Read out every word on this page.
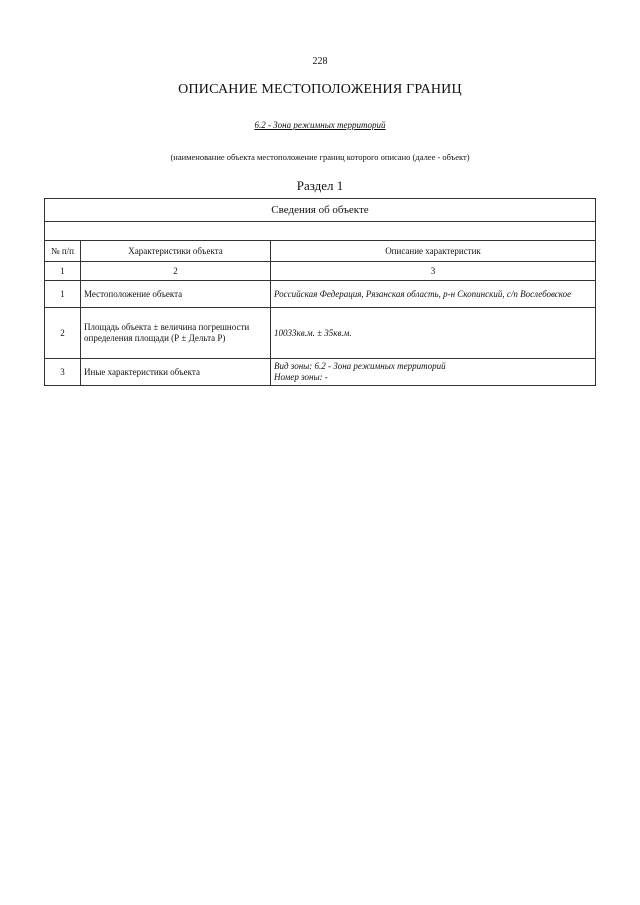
228
ОПИСАНИЕ МЕСТОПОЛОЖЕНИЯ ГРАНИЦ
6.2 - Зона режимных территорий
(наименование объекта местоположение границ которого описано (далее - объект)
Раздел 1
Сведения об объекте		

№ п/п	Характеристики объекта	Описание характеристик
1	2	3
1	Местоположение объекта	Российская Федерация, Рязанская область, р-н Скопинский, с/п Вослебовское
2	Площадь объекта ± величина погрешности определения площади (Р ± Дельта Р)	10033кв.м. ± 35кв.м.
3	Иные характеристики объекта	Вид зоны: 6.2 - Зона режимных территорий
Номер зоны: -
